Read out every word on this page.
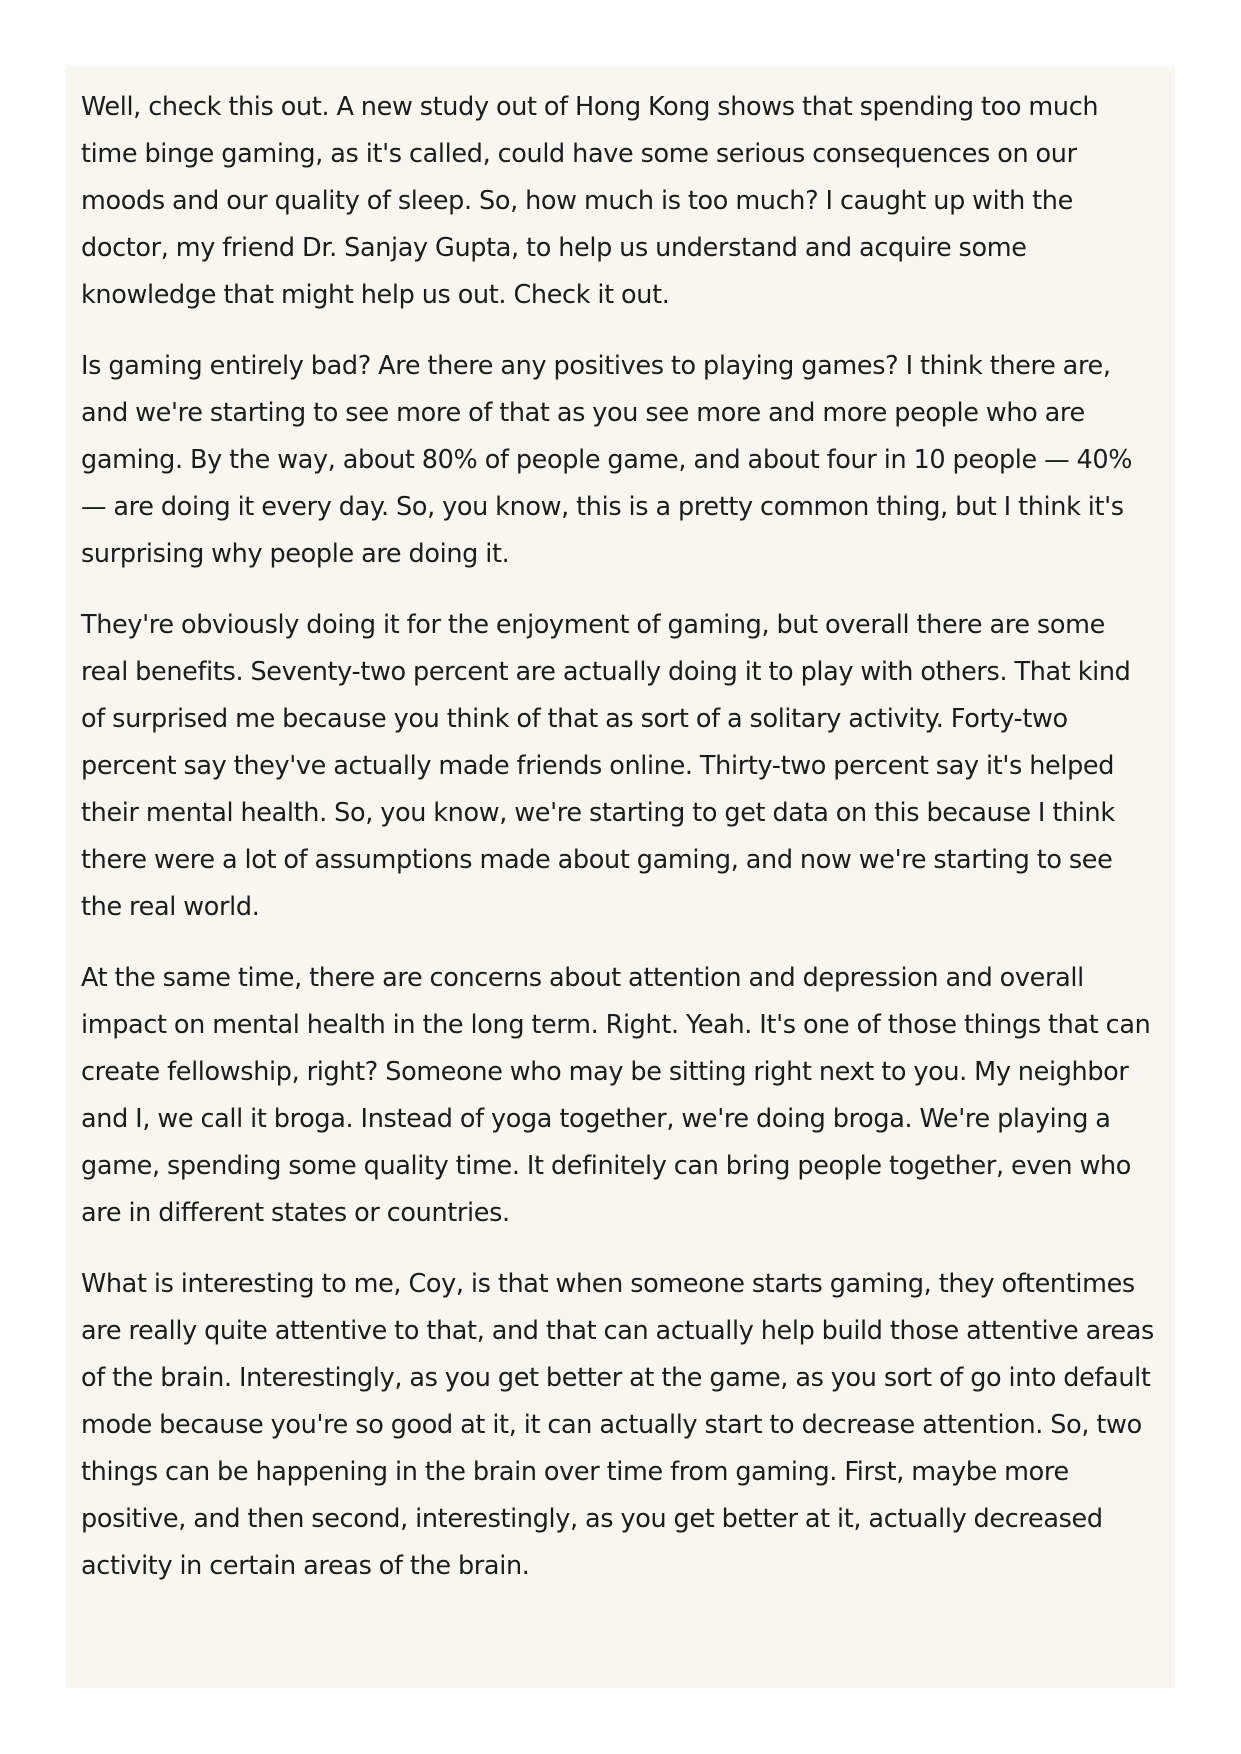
Well, check this out. A new study out of Hong Kong shows that spending too much time binge gaming, as it's called, could have some serious consequences on our moods and our quality of sleep. So, how much is too much? I caught up with the doctor, my friend Dr. Sanjay Gupta, to help us understand and acquire some knowledge that might help us out. Check it out.

Is gaming entirely bad? Are there any positives to playing games? I think there are, and we're starting to see more of that as you see more and more people who are gaming. By the way, about 80% of people game, and about four in 10 people — 40% — are doing it every day. So, you know, this is a pretty common thing, but I think it's surprising why people are doing it.

They're obviously doing it for the enjoyment of gaming, but overall there are some real benefits. Seventy-two percent are actually doing it to play with others. That kind of surprised me because you think of that as sort of a solitary activity. Forty-two percent say they've actually made friends online. Thirty-two percent say it's helped their mental health. So, you know, we're starting to get data on this because I think there were a lot of assumptions made about gaming, and now we're starting to see the real world.

At the same time, there are concerns about attention and depression and overall impact on mental health in the long term. Right. Yeah. It's one of those things that can create fellowship, right? Someone who may be sitting right next to you. My neighbor and I, we call it broga. Instead of yoga together, we're doing broga. We're playing a game, spending some quality time. It definitely can bring people together, even who are in different states or countries.

What is interesting to me, Coy, is that when someone starts gaming, they oftentimes are really quite attentive to that, and that can actually help build those attentive areas of the brain. Interestingly, as you get better at the game, as you sort of go into default mode because you're so good at it, it can actually start to decrease attention. So, two things can be happening in the brain over time from gaming. First, maybe more positive, and then second, interestingly, as you get better at it, actually decreased activity in certain areas of the brain.
